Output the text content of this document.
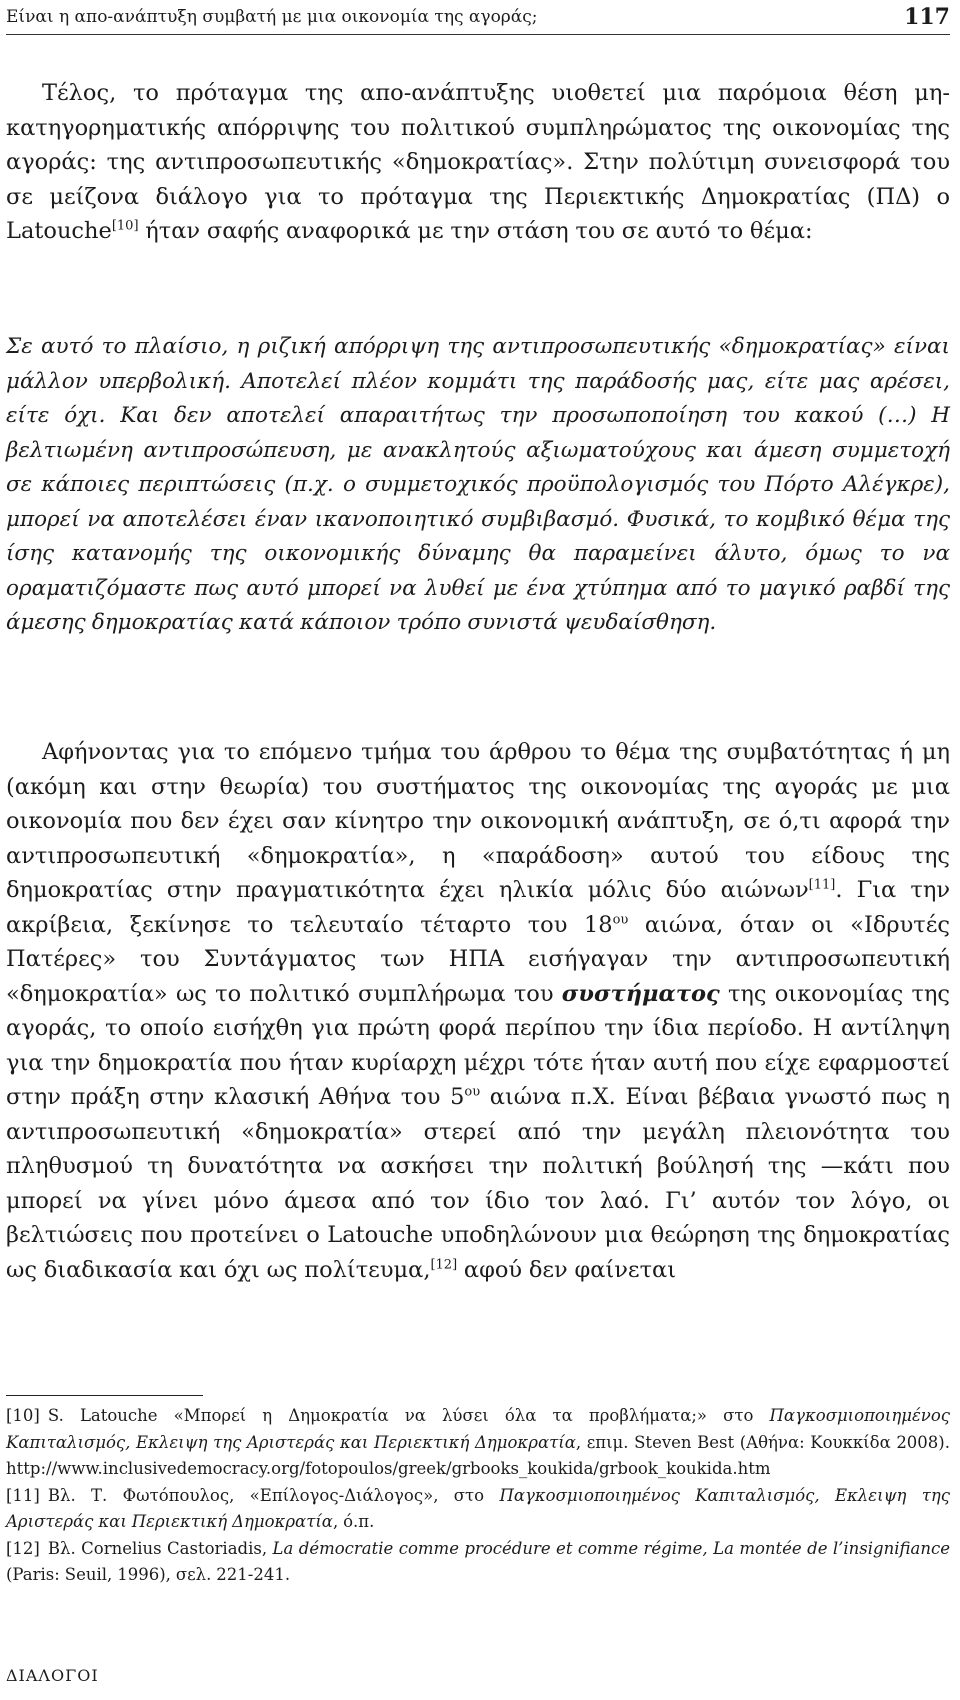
Είναι η απο-ανάπτυξη συμβατή με μια οικονομία της αγοράς;	117

Τέλος, το πρόταγμα της απο-ανάπτυξης υιοθετεί μια παρόμοια θέση μη-κατηγορηματικής απόρριψης του πολιτικού συμπληρώματος της οικονομίας της αγοράς: της αντιπροσωπευτικής «δημοκρατίας». Στην πολύτιμη συνεισφορά του σε μείζονα διάλογο για το πρόταγμα της Περιεκτικής Δημοκρατίας (ΠΔ) ο Latouche[10] ήταν σαφής αναφορικά με την στάση του σε αυτό το θέμα:

Σε αυτό το πλαίσιο, η ριζική απόρριψη της αντιπροσωπευτικής «δημοκρατίας» είναι μάλλον υπερβολική. Αποτελεί πλέον κομμάτι της παράδοσής μας, είτε μας αρέσει, είτε όχι. Και δεν αποτελεί απαραιτήτως την προσωποποίηση του κακού (…) Η βελτιωμένη αντιπροσώπευση, με ανακλητούς αξιωματούχους και άμεση συμμετοχή σε κάποιες περιπτώσεις (π.χ. ο συμμετοχικός προϋπολογισμός του Πόρτο Αλέγκρε), μπορεί να αποτελέσει έναν ικανοποιητικό συμβιβασμό. Φυσικά, το κομβικό θέμα της ίσης κατανομής της οικονομικής δύναμης θα παραμείνει άλυτο, όμως το να οραματιζόμαστε πως αυτό μπορεί να λυθεί με ένα χτύπημα από το μαγικό ραβδί της άμεσης δημοκρατίας κατά κάποιον τρόπο συνιστά ψευδαίσθηση.

Αφήνοντας για το επόμενο τμήμα του άρθρου το θέμα της συμβατότητας ή μη (ακόμη και στην θεωρία) του συστήματος της οικονομίας της αγοράς με μια οικονομία που δεν έχει σαν κίνητρο την οικονομική ανάπτυξη, σε ό,τι αφορά την αντιπροσωπευτική «δημοκρατία», η «παράδοση» αυτού του είδους της δημοκρατίας στην πραγματικότητα έχει ηλικία μόλις δύο αιώνων[11]. Για την ακρίβεια, ξεκίνησε το τελευταίο τέταρτο του $18^{o\upsilon}$ αιώνα, όταν οι «Ιδρυτές Πατέρες» του Συντάγματος των ΗΠΑ εισήγαγαν την αντιπροσωπευτική «δημοκρατία» ως το πολιτικό συμπλήρωμα του συστήματος της οικονομίας της αγοράς, το οποίο εισήχθη για πρώτη φορά περίπου την ίδια περίοδο. Η αντίληψη για την δημοκρατία που ήταν κυρίαρχη μέχρι τότε ήταν αυτή που είχε εφαρμοστεί στην πράξη στην κλασική Αθήνα του $5^{o\upsilon}$ αιώνα π.Χ. Είναι βέβαια γνωστό πως η αντιπροσωπευτική «δημοκρατία» στερεί από την μεγάλη πλειονότητα του πληθυσμού τη δυνατότητα να ασκήσει την πολιτική βούλησή της —κάτι που μπορεί να γίνει μόνο άμεσα από τον ίδιο τον λαό. Γι’ αυτόν τον λόγο, οι βελτιώσεις που προτείνει ο Latouche υποδηλώνουν μια θεώρηση της δημοκρατίας ως διαδικασία και όχι ως πολίτευμα,[12] αφού δεν φαίνεται

[10] S. Latouche «Μπορεί η Δημοκρατία να λύσει όλα τα προβλήματα;» στο Παγκοσμιοποιημένος Καπιταλισμός, Εκλειψη της Αριστεράς και Περιεκτική Δημοκρατία, επιμ. Steven Best (Αθήνα: Κουκκίδα 2008). http://www.inclusivedemocracy.org/fotopoulos/greek/grbooks_koukida/grbook_koukida.htm

[11] Βλ. Τ. Φωτόπουλος, «Επίλογος-Διάλογος», στο Παγκοσμιοποιημένος Καπιταλισμός, Εκλειψη της Αριστεράς και Περιεκτική Δημοκρατία, ό.π.

[12] Βλ. Cornelius Castoriadis, La démocratie comme procédure et comme régime, La montée de l’insignifiance (Paris: Seuil, 1996), σελ. 221-241.

ΔΙΑΛΟΓΟΙ
